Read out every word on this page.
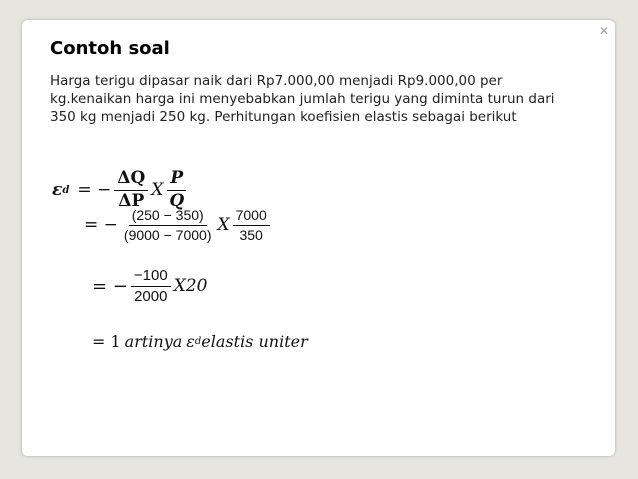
✕
Contoh soal

Harga terigu dipasar naik dari Rp7.000,00 menjadi Rp9.000,00 per kg.kenaikan harga ini menyebabkan jumlah terigu yang diminta turun dari 350 kg menjadi 250 kg. Perhitungan koefisien elastis sebagai berikut

ε d = − $\frac{\Delta Q}{\Delta P}$ X $\frac{P}{Q}$
= − $\frac{(250 - 350)}{(9000 - 7000)}$ X $\frac{7000}{350}$
= − $\frac{-100}{2000} X20$
= 1 artinya ε d elastis uniter
